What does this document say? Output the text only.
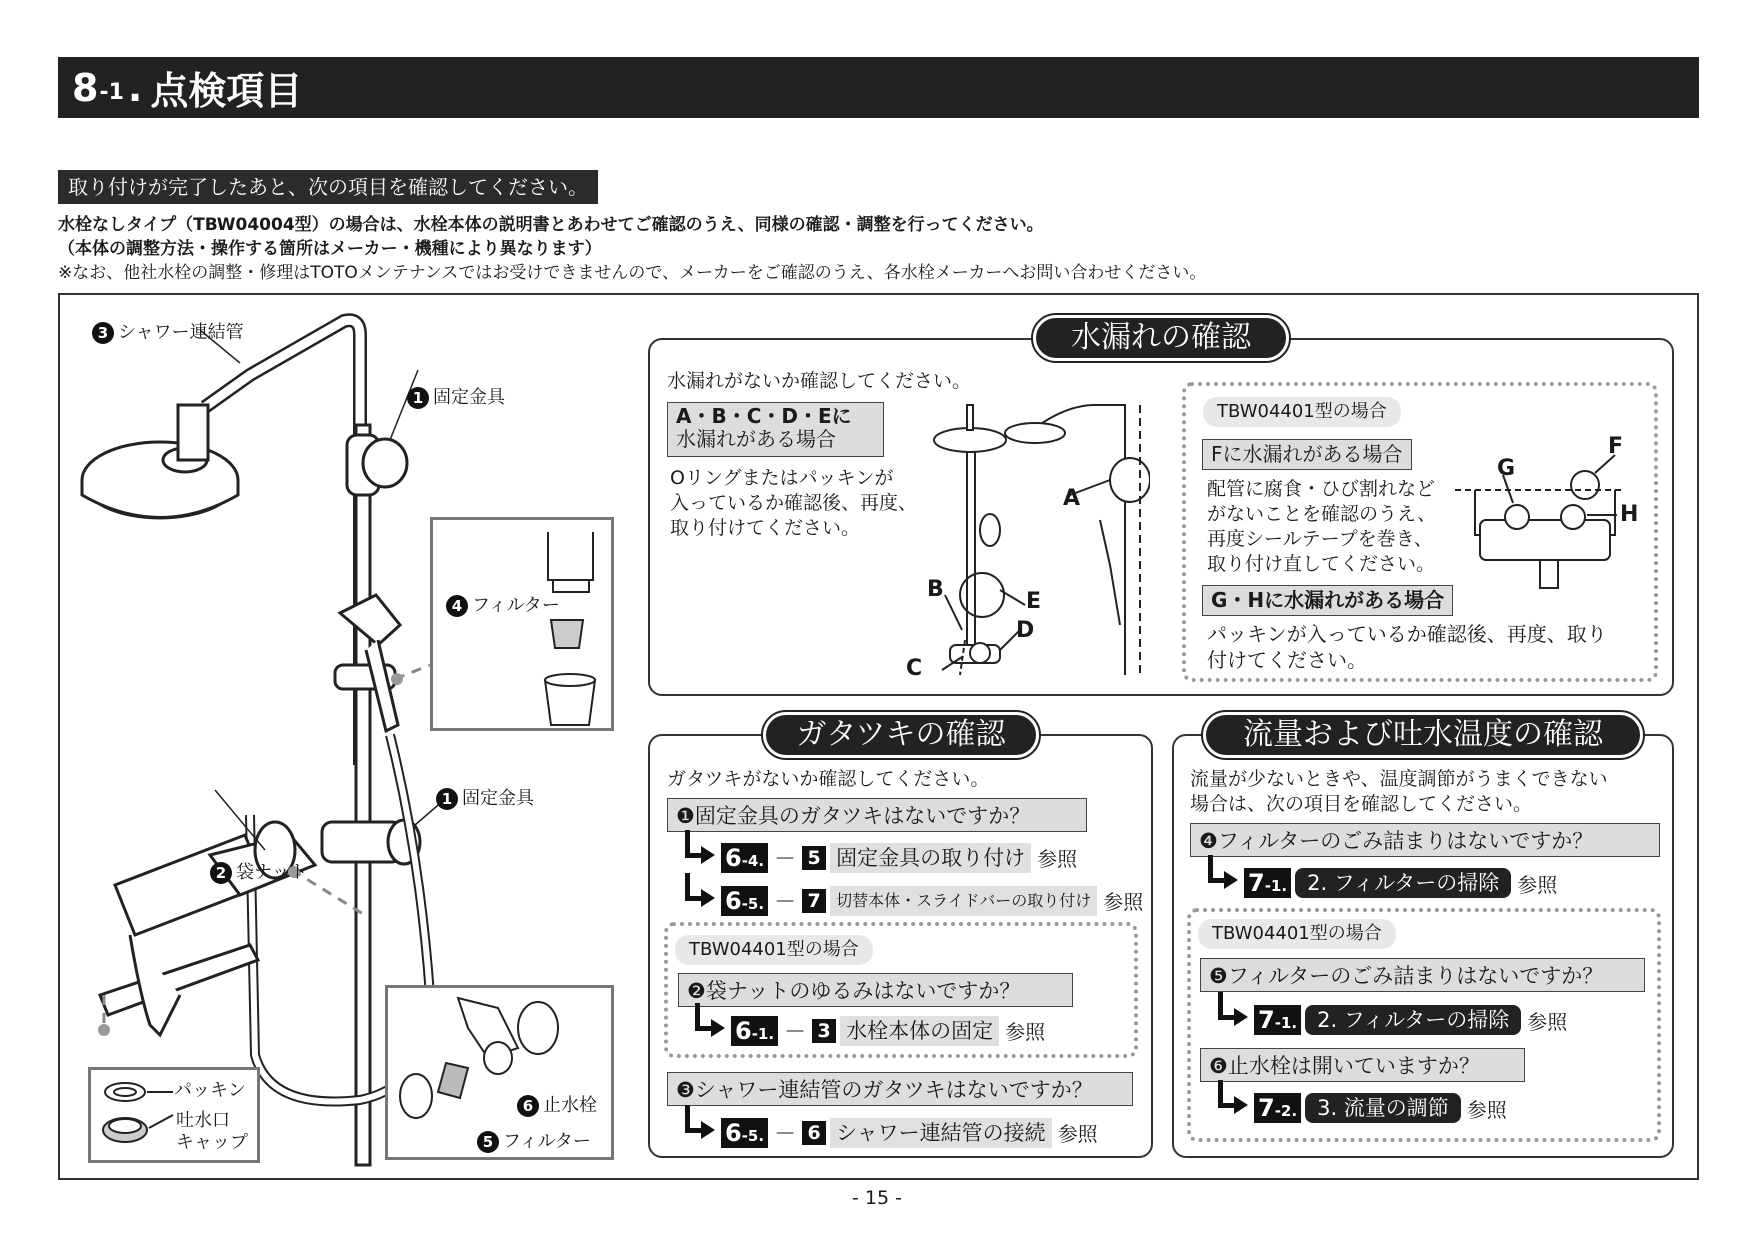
8 -1 . 点検項目
取り付けが完了したあと、次の項目を確認してください。
水栓なしタイプ（TBW04004型）の場合は、水栓本体の説明書とあわせてご確認のうえ、同様の確認・調整を行ってください。
（本体の調整方法・操作する箇所はメーカー・機種により異なります）
※なお、他社水栓の調整・修理はTOTOメンテナンスではお受けできませんので、メーカーをご確認のうえ、各水栓メーカーへお問い合わせください。
4 フィルター
6 止水栓
5 フィルター
パッキン
吐水口
キャップ
3 シャワー連結管
1 固定金具
1 固定金具
2 袋ナット
水漏れの確認
水漏れがないか確認してください。
A・B・C・D・Eに
水漏れがある場合
Oリングまたはパッキンが
入っているか確認後、再度、
取り付けてください。
A
B	E
D
C
TBW04401型の場合
Fに水漏れがある場合
配管に腐食・ひび割れなど
がないことを確認のうえ、
再度シールテープを巻き、
取り付け直してください。
G
F
H
G・Hに水漏れがある場合
パッキンが入っているか確認後、再度、取り
付けてください。
ガタツキの確認
ガタツキがないか確認してください。
❶固定金具のガタツキはないですか？
6-4. － 5 固定金具の取り付け 参照
6-5. － 7 切替本体・スライドバーの取り付け 参照
TBW04401型の場合
❷袋ナットのゆるみはないですか？
6-1. － 3 水栓本体の固定 参照
❸シャワー連結管のガタツキはないですか？
6-5. － 6 シャワー連結管の接続 参照
流量および吐水温度の確認
流量が少ないときや、温度調節がうまくできない
場合は、次の項目を確認してください。
❹フィルターのごみ詰まりはないですか？
7-1. 2. フィルターの掃除 参照
TBW04401型の場合
❺フィルターのごみ詰まりはないですか？
7-1. 2. フィルターの掃除 参照
❻止水栓は開いていますか？
7-2. 3. 流量の調節 参照
- 15 -
